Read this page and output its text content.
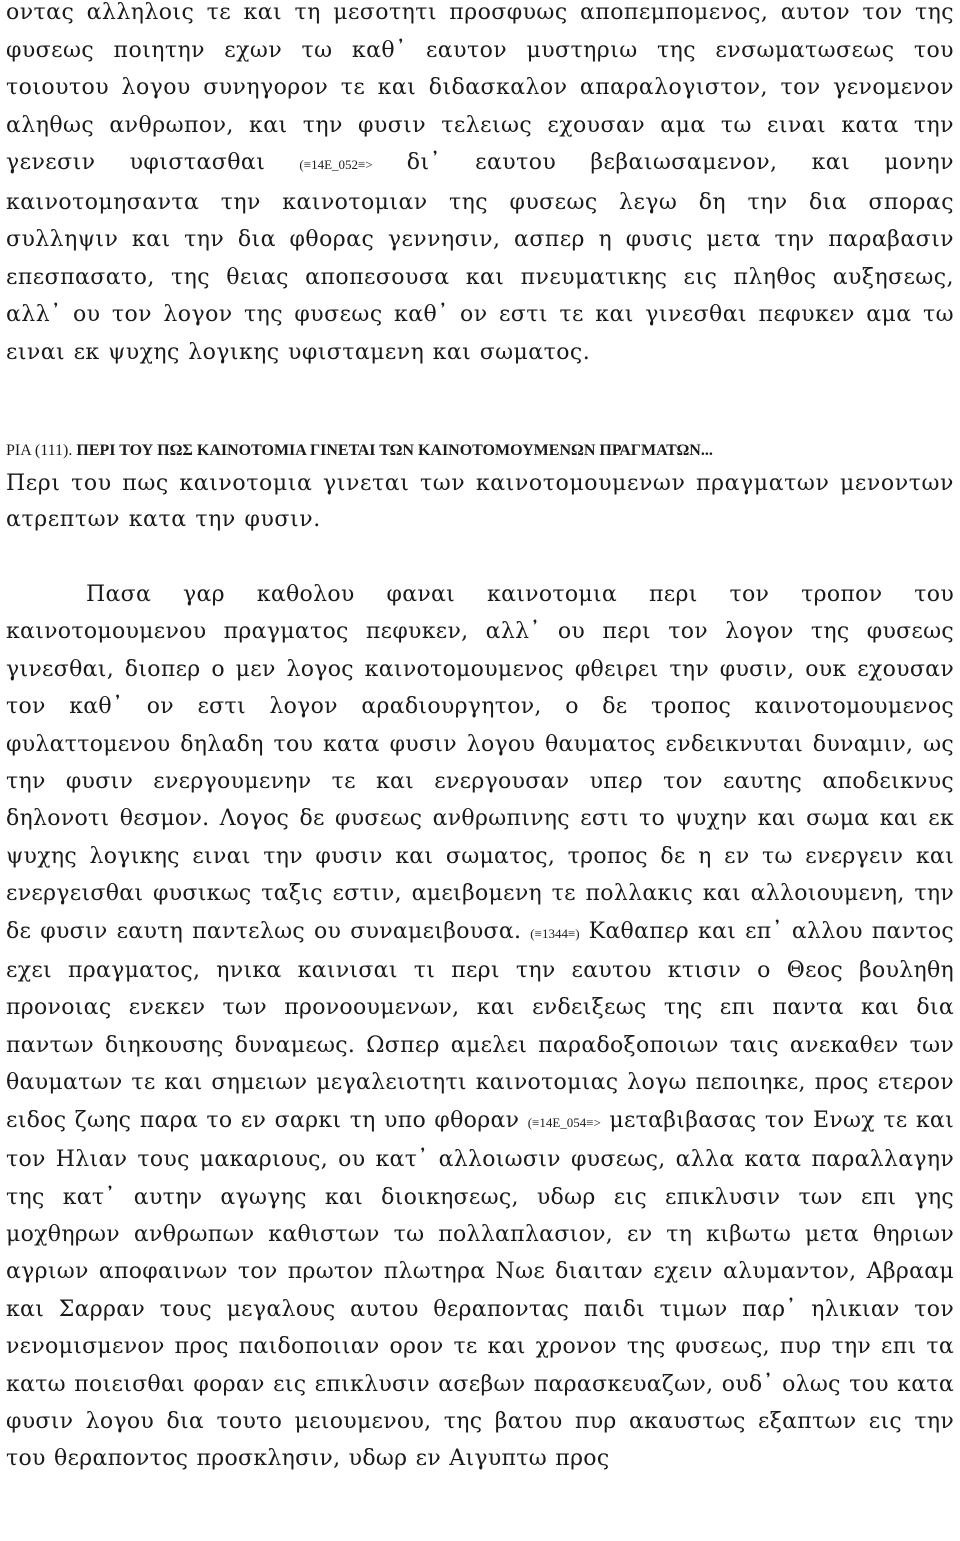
οντας αλληλοις τε και τη μεσοτητι προσφυως αποπεμπομενος, αυτον τον της φυσεως ποιητην εχων τω καθ᾽ εαυτον μυστηριω της ενσωματωσεως του τοιουτου λογου συνηγορον τε και διδασκαλον απαραλογιστον, τον γενομενον αληθως ανθρωπον, και την φυσιν τελειως εχουσαν αμα τω ειναι κατα την γενεσιν υφιστασθαι (≡14E_052≡> δι᾽ εαυτου βεβαιωσαμενον, και μονην καινοτομησαντα την καινοτομιαν της φυσεως λεγω δη την δια σπορας συλληψιν και την δια φθορας γεννησιν, ασπερ η φυσις μετα την παραβασιν επεσπασατο, της θειας αποπεσουσα και πνευματικης εις πληθος αυξησεως, αλλ᾽ ου τον λογον της φυσεως καθ᾽ ον εστι τε και γινεσθαι πεφυκεν αμα τω ειναι εκ ψυχης λογικης υφισταμενη και σωματος.

ΡΙΑ (111). ΠΕΡΙ ΤΟΥ ΠΩΣ ΚΑΙΝΟΤΟΜΙΑ ΓΙΝΕΤΑΙ ΤΩΝ ΚΑΙΝΟΤΟΜΟΥΜΕΝΩΝ ΠΡΑΓΜΑΤΩΝ...

Περι του πως καινοτομια γινεται των καινοτομουμενων πραγματων μενοντων ατρεπτων κατα την φυσιν.

Πασα γαρ καθολου φαναι καινοτομια περι τον τροπον του καινοτομουμενου πραγματος πεφυκεν, αλλ᾽ ου περι τον λογον της φυσεως γινεσθαι, διοπερ ο μεν λογος καινοτομουμενος φθειρει την φυσιν, ουκ εχουσαν τον καθ᾽ ον εστι λογον αραδιουργητον, ο δε τροπος καινοτομουμενος φυλαττομενου δηλαδη του κατα φυσιν λογου θαυματος ενδεικνυται δυναμιν, ως την φυσιν ενεργουμενην τε και ενεργουσαν υπερ τον εαυτης αποδεικνυς δηλονοτι θεσμον. Λογος δε φυσεως ανθρωπινης εστι το ψυχην και σωμα και εκ ψυχης λογικης ειναι την φυσιν και σωματος, τροπος δε η εν τω ενεργειν και ενεργεισθαι φυσικως ταξις εστιν, αμειβομενη τε πολλακις και αλλοιουμενη, την δε φυσιν εαυτη παντελως ου συναμειβουσα. (≡1344≡) Καθαπερ και επ᾽ αλλου παντος εχει πραγματος, ηνικα καινισαι τι περι την εαυτου κτισιν ο Θεος βουληθη προνοιας ενεκεν των προνοουμενων, και ενδειξεως της επι παντα και δια παντων διηκουσης δυναμεως. Ωσπερ αμελει παραδοξοποιων ταις ανεκαθεν των θαυματων τε και σημειων μεγαλειοτητι καινοτομιας λογω πεποιηκε, προς ετερον ειδος ζωης παρα το εν σαρκι τη υπο φθοραν (≡14E_054≡> μεταβιβασας τον Ενωχ τε και τον Ηλιαν τους μακαριους, ου κατ᾽ αλλοιωσιν φυσεως, αλλα κατα παραλλαγην της κατ᾽ αυτην αγωγης και διοικησεως, υδωρ εις επικλυσιν των επι γης μοχθηρων ανθρωπων καθιστων τω πολλαπλασιον, εν τη κιβωτω μετα θηριων αγριων αποφαινων τον πρωτον πλωτηρα Νωε διαιταν εχειν αλυμαντον, Αβρααμ και Σαρραν τους μεγαλους αυτου θεραποντας παιδι τιμων παρ᾽ ηλικιαν τον νενομισμενον προς παιδοποιιαν ορον τε και χρονον της φυσεως, πυρ την επι τα κατω ποιεισθαι φοραν εις επικλυσιν ασεβων παρασκευαζων, ουδ᾽ ολως του κατα φυσιν λογου δια τουτο μειουμενου, της βατου πυρ ακαυστως εξαπτων εις την του θεραποντος προσκλησιν, υδωρ εν Αιγυπτω προς
